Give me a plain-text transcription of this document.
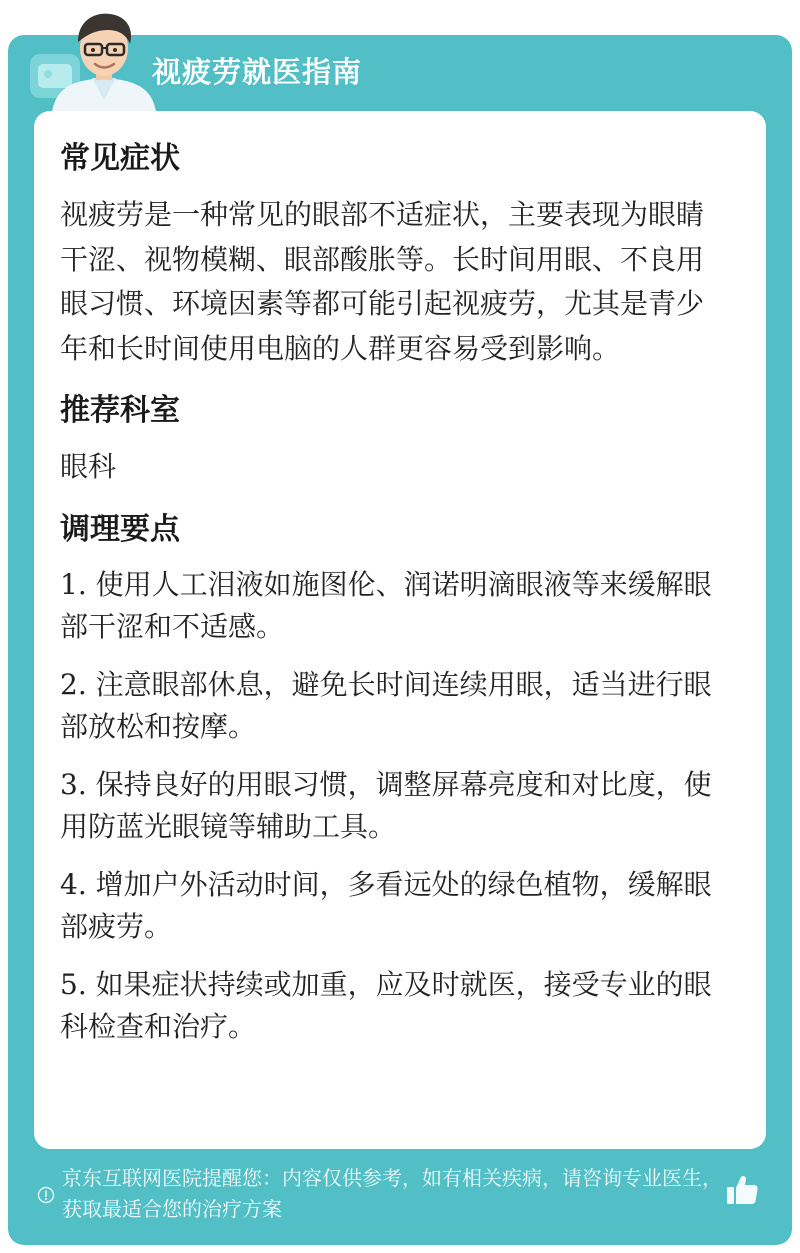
视疲劳就医指南
常见症状

视疲劳是一种常见的眼部不适症状，主要表现为眼睛干涩、视物模糊、眼部酸胀等。长时间用眼、不良用眼习惯、环境因素等都可能引起视疲劳，尤其是青少年和长时间使用电脑的人群更容易受到影响。

推荐科室

眼科

调理要点
1. 使用人工泪液如施图伦、润诺明滴眼液等来缓解眼部干涩和不适感。
2. 注意眼部休息，避免长时间连续用眼，适当进行眼部放松和按摩。
3. 保持良好的用眼习惯，调整屏幕亮度和对比度，使用防蓝光眼镜等辅助工具。
4. 增加户外活动时间，多看远处的绿色植物，缓解眼部疲劳。
5. 如果症状持续或加重，应及时就医，接受专业的眼科检查和治疗。
京东互联网医院提醒您：内容仅供参考，如有相关疾病，请咨询专业医生，获取最适合您的治疗方案
